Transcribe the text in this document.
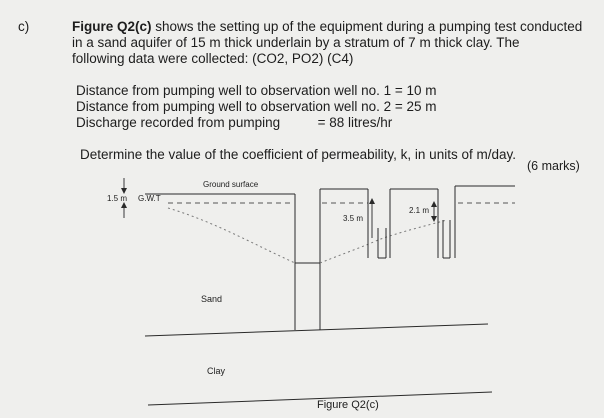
c)	Figure Q2(c) shows the setting up of the equipment during a pumping test conducted
in a sand aquifer of 15 m thick underlain by a stratum of 7 m thick clay. The
following data were collected: (CO2, PO2) (C4)
Distance from pumping well to observation well no. 1 = 10 m
Distance from pumping well to observation well no. 2 = 25 m
Discharge recorded from pumping          = 88 litres/hr
Determine the value of the coefficient of permeability, k, in units of m/day.
(6 marks)
Ground surface
1.5 m G.W.T
3.5 m
2.1 m
Sand
Clay
Figure Q2(c)
